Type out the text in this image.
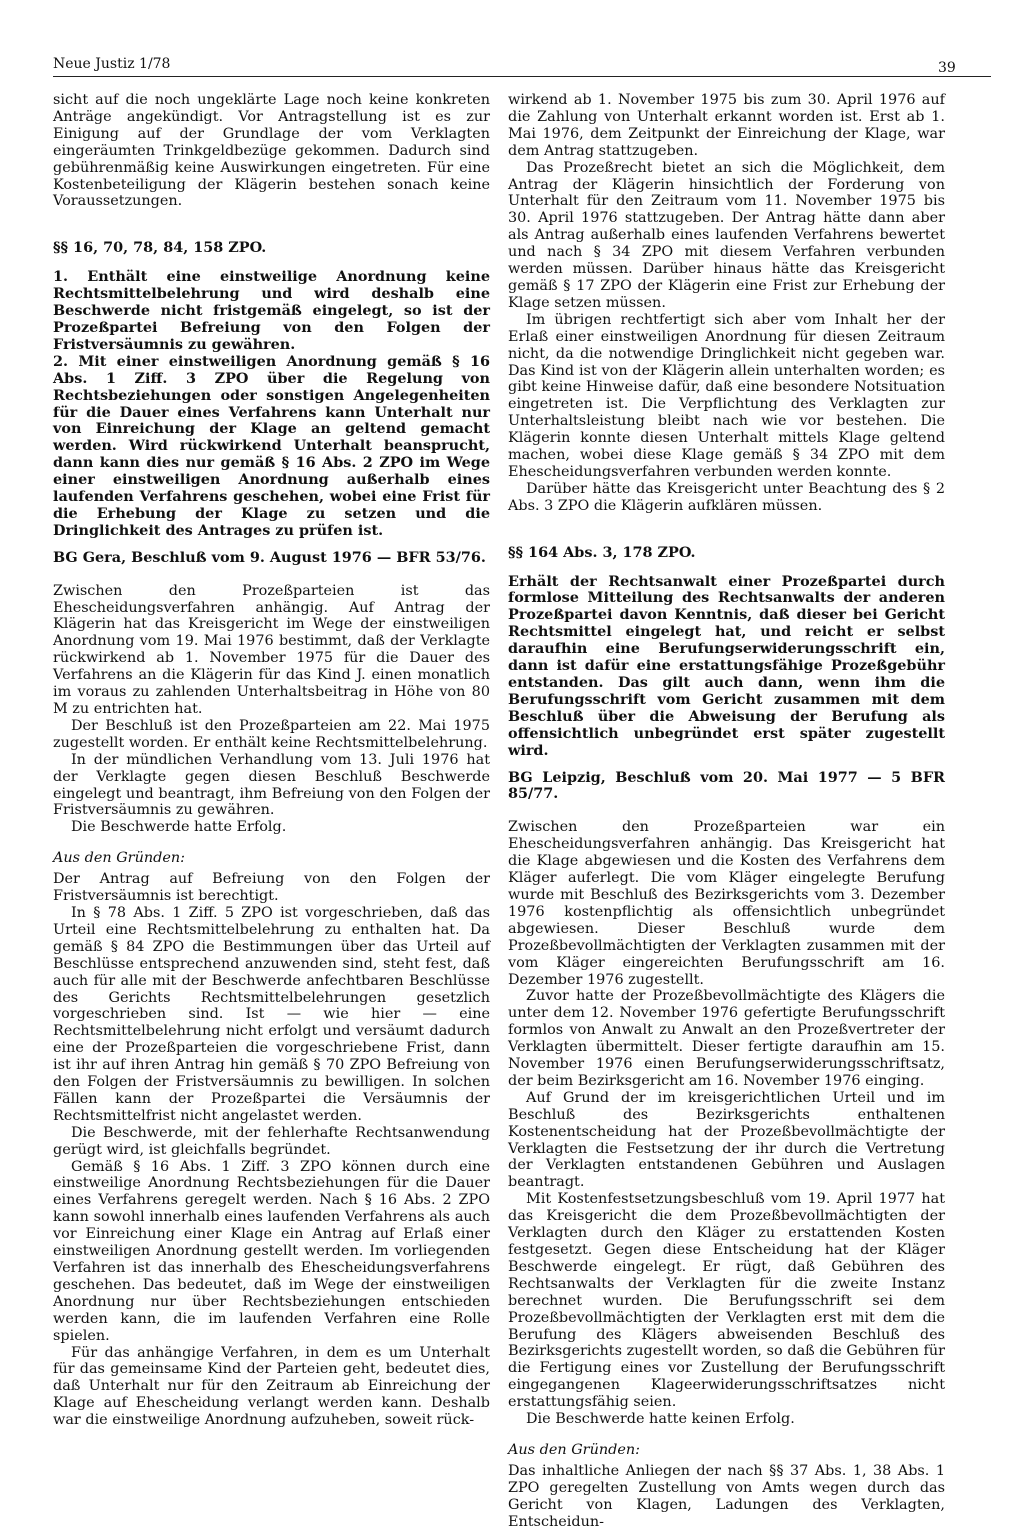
Neue Justiz 1/78	39

sicht auf die noch ungeklärte Lage noch keine konkreten Anträge angekündigt. Vor Antragstellung ist es zur Einigung auf der Grundlage der vom Verklagten eingeräumten Trinkgeldbezüge gekommen. Dadurch sind gebührenmäßig keine Auswirkungen eingetreten. Für eine Kostenbeteiligung der Klägerin bestehen sonach keine Voraussetzungen.

§§ 16, 70, 78, 84, 158 ZPO.

1. Enthält eine einstweilige Anordnung keine Rechtsmittelbelehrung und wird deshalb eine Beschwerde nicht fristgemäß eingelegt, so ist der Prozeßpartei Befreiung von den Folgen der Fristversäumnis zu gewähren.

2. Mit einer einstweiligen Anordnung gemäß § 16 Abs. 1 Ziff. 3 ZPO über die Regelung von Rechtsbeziehungen oder sonstigen Angelegenheiten für die Dauer eines Verfahrens kann Unterhalt nur von Einreichung der Klage an geltend gemacht werden. Wird rückwirkend Unterhalt beansprucht, dann kann dies nur gemäß § 16 Abs. 2 ZPO im Wege einer einstweiligen Anordnung außerhalb eines laufenden Verfahrens geschehen, wobei eine Frist für die Erhebung der Klage zu setzen und die Dringlichkeit des Antrages zu prüfen ist.

BG Gera, Beschluß vom 9. August 1976 — BFR 53/76.

Zwischen den Prozeßparteien ist das Ehescheidungsverfahren anhängig. Auf Antrag der Klägerin hat das Kreisgericht im Wege der einstweiligen Anordnung vom 19. Mai 1976 bestimmt, daß der Verklagte rückwirkend ab 1. November 1975 für die Dauer des Verfahrens an die Klägerin für das Kind J. einen monatlich im voraus zu zahlenden Unterhaltsbeitrag in Höhe von 80 M zu entrichten hat.

Der Beschluß ist den Prozeßparteien am 22. Mai 1975 zugestellt worden. Er enthält keine Rechtsmittelbelehrung.

In der mündlichen Verhandlung vom 13. Juli 1976 hat der Verklagte gegen diesen Beschluß Beschwerde eingelegt und beantragt, ihm Befreiung von den Folgen der Fristversäumnis zu gewähren.

Die Beschwerde hatte Erfolg.

Aus den Gründen:

Der Antrag auf Befreiung von den Folgen der Fristversäumnis ist berechtigt.

In § 78 Abs. 1 Ziff. 5 ZPO ist vorgeschrieben, daß das Urteil eine Rechtsmittelbelehrung zu enthalten hat. Da gemäß § 84 ZPO die Bestimmungen über das Urteil auf Beschlüsse entsprechend anzuwenden sind, steht fest, daß auch für alle mit der Beschwerde anfechtbaren Beschlüsse des Gerichts Rechtsmittelbelehrungen gesetzlich vorgeschrieben sind. Ist — wie hier — eine Rechtsmittelbelehrung nicht erfolgt und versäumt dadurch eine der Prozeßparteien die vorgeschriebene Frist, dann ist ihr auf ihren Antrag hin gemäß § 70 ZPO Befreiung von den Folgen der Fristversäumnis zu bewilligen. In solchen Fällen kann der Prozeßpartei die Versäumnis der Rechtsmittelfrist nicht angelastet werden.

Die Beschwerde, mit der fehlerhafte Rechtsanwendung gerügt wird, ist gleichfalls begründet.

Gemäß § 16 Abs. 1 Ziff. 3 ZPO können durch eine einstweilige Anordnung Rechtsbeziehungen für die Dauer eines Verfahrens geregelt werden. Nach § 16 Abs. 2 ZPO kann sowohl innerhalb eines laufenden Verfahrens als auch vor Einreichung einer Klage ein Antrag auf Erlaß einer einstweiligen Anordnung gestellt werden. Im vorliegenden Verfahren ist das innerhalb des Ehescheidungsverfahrens geschehen. Das bedeutet, daß im Wege der einstweiligen Anordnung nur über Rechtsbeziehungen entschieden werden kann, die im laufenden Verfahren eine Rolle spielen.

Für das anhängige Verfahren, in dem es um Unterhalt für das gemeinsame Kind der Parteien geht, bedeutet dies, daß Unterhalt nur für den Zeitraum ab Einreichung der Klage auf Ehescheidung verlangt werden kann. Deshalb war die einstweilige Anordnung aufzuheben, soweit rück-

wirkend ab 1. November 1975 bis zum 30. April 1976 auf die Zahlung von Unterhalt erkannt worden ist. Erst ab 1. Mai 1976, dem Zeitpunkt der Einreichung der Klage, war dem Antrag stattzugeben.

Das Prozeßrecht bietet an sich die Möglichkeit, dem Antrag der Klägerin hinsichtlich der Forderung von Unterhalt für den Zeitraum vom 11. November 1975 bis 30. April 1976 stattzugeben. Der Antrag hätte dann aber als Antrag außerhalb eines laufenden Verfahrens bewertet und nach § 34 ZPO mit diesem Verfahren verbunden werden müssen. Darüber hinaus hätte das Kreisgericht gemäß § 17 ZPO der Klägerin eine Frist zur Erhebung der Klage setzen müssen.

Im übrigen rechtfertigt sich aber vom Inhalt her der Erlaß einer einstweiligen Anordnung für diesen Zeitraum nicht, da die notwendige Dringlichkeit nicht gegeben war. Das Kind ist von der Klägerin allein unterhalten worden; es gibt keine Hinweise dafür, daß eine besondere Notsituation eingetreten ist. Die Verpflichtung des Verklagten zur Unterhaltsleistung bleibt nach wie vor bestehen. Die Klägerin konnte diesen Unterhalt mittels Klage geltend machen, wobei diese Klage gemäß § 34 ZPO mit dem Ehescheidungsverfahren verbunden werden konnte.

Darüber hätte das Kreisgericht unter Beachtung des § 2 Abs. 3 ZPO die Klägerin aufklären müssen.

§§ 164 Abs. 3, 178 ZPO.

Erhält der Rechtsanwalt einer Prozeßpartei durch formlose Mitteilung des Rechtsanwalts der anderen Prozeßpartei davon Kenntnis, daß dieser bei Gericht Rechtsmittel eingelegt hat, und reicht er selbst daraufhin eine Berufungserwiderungsschrift ein, dann ist dafür eine erstattungsfähige Prozeßgebühr entstanden. Das gilt auch dann, wenn ihm die Berufungsschrift vom Gericht zusammen mit dem Beschluß über die Abweisung der Berufung als offensichtlich unbegründet erst später zugestellt wird.

BG Leipzig, Beschluß vom 20. Mai 1977 — 5 BFR 85/77.

Zwischen den Prozeßparteien war ein Ehescheidungsverfahren anhängig. Das Kreisgericht hat die Klage abgewiesen und die Kosten des Verfahrens dem Kläger auferlegt. Die vom Kläger eingelegte Berufung wurde mit Beschluß des Bezirksgerichts vom 3. Dezember 1976 kostenpflichtig als offensichtlich unbegründet abgewiesen. Dieser Beschluß wurde dem Prozeßbevollmächtigten der Verklagten zusammen mit der vom Kläger eingereichten Berufungsschrift am 16. Dezember 1976 zugestellt.

Zuvor hatte der Prozeßbevollmächtigte des Klägers die unter dem 12. November 1976 gefertigte Berufungsschrift formlos von Anwalt zu Anwalt an den Prozeßvertreter der Verklagten übermittelt. Dieser fertigte daraufhin am 15. November 1976 einen Berufungserwiderungsschriftsatz, der beim Bezirksgericht am 16. November 1976 einging.

Auf Grund der im kreisgerichtlichen Urteil und im Beschluß des Bezirksgerichts enthaltenen Kostenentscheidung hat der Prozeßbevollmächtigte der Verklagten die Festsetzung der ihr durch die Vertretung der Verklagten entstandenen Gebühren und Auslagen beantragt.

Mit Kostenfestsetzungsbeschluß vom 19. April 1977 hat das Kreisgericht die dem Prozeßbevollmächtigten der Verklagten durch den Kläger zu erstattenden Kosten festgesetzt. Gegen diese Entscheidung hat der Kläger Beschwerde eingelegt. Er rügt, daß Gebühren des Rechtsanwalts der Verklagten für die zweite Instanz berechnet wurden. Die Berufungsschrift sei dem Prozeßbevollmächtigten der Verklagten erst mit dem die Berufung des Klägers abweisenden Beschluß des Bezirksgerichts zugestellt worden, so daß die Gebühren für die Fertigung eines vor Zustellung der Berufungsschrift eingegangenen Klageerwiderungsschriftsatzes nicht erstattungsfähig seien.

Die Beschwerde hatte keinen Erfolg.

Aus den Gründen:

Das inhaltliche Anliegen der nach §§ 37 Abs. 1, 38 Abs. 1 ZPO geregelten Zustellung von Amts wegen durch das Gericht von Klagen, Ladungen des Verklagten, Entscheidun-
